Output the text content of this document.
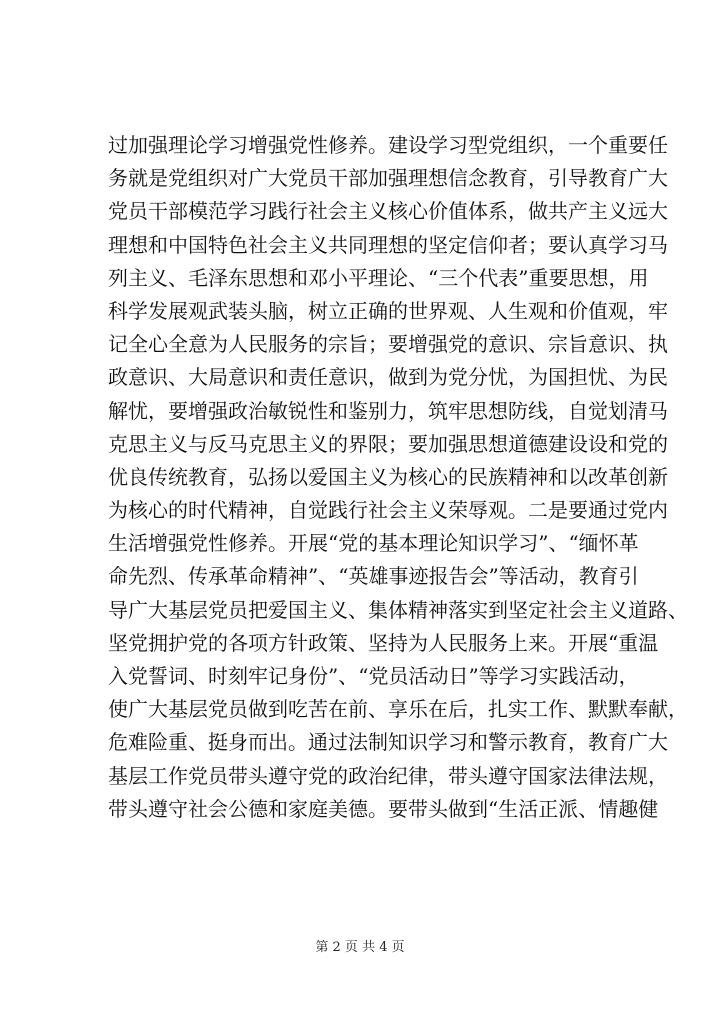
过加强理论学习增强党性修养。建设学习型党组织，一个重要任
务就是党组织对广大党员干部加强理想信念教育，引导教育广大
党员干部模范学习践行社会主义核心价值体系，做共产主义远大
理想和中国特色社会主义共同理想的坚定信仰者；要认真学习马
列主义、毛泽东思想和邓小平理论、“三个代表”重要思想，用
科学发展观武装头脑，树立正确的世界观、人生观和价值观，牢
记全心全意为人民服务的宗旨；要增强党的意识、宗旨意识、执
政意识、大局意识和责任意识，做到为党分忧，为国担忧、为民
解忧，要增强政治敏锐性和鉴别力，筑牢思想防线，自觉划清马
克思主义与反马克思主义的界限；要加强思想道德建设设和党的
优良传统教育，弘扬以爱国主义为核心的民族精神和以改革创新
为核心的时代精神，自觉践行社会主义荣辱观。二是要通过党内
生活增强党性修养。开展“党的基本理论知识学习”、“缅怀革
命先烈、传承革命精神”、“英雄事迹报告会”等活动，教育引
导广大基层党员把爱国主义、集体精神落实到坚定社会主义道路、
坚党拥护党的各项方针政策、坚持为人民服务上来。开展“重温
入党誓词、时刻牢记身份”、“党员活动日”等学习实践活动，
使广大基层党员做到吃苦在前、享乐在后，扎实工作、默默奉献，
危难险重、挺身而出。通过法制知识学习和警示教育，教育广大
基层工作党员带头遵守党的政治纪律，带头遵守国家法律法规，
带头遵守社会公德和家庭美德。要带头做到“生活正派、情趣健
第 2 页 共 4 页
